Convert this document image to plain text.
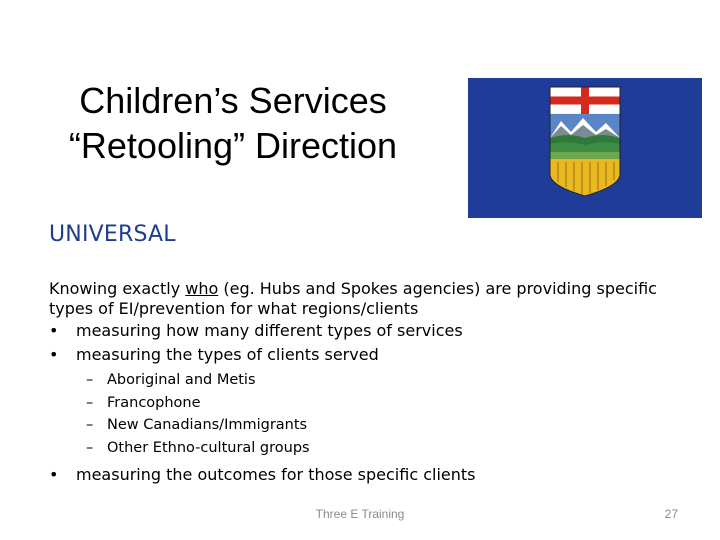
Children’s Services
“Retooling” Direction
UNIVERSAL

Knowing exactly who (eg. Hubs and Spokes agencies) are providing specific types of EI/prevention for what regions/clients

• measuring how many different types of services

• measuring the types of clients served

– Aboriginal and Metis
– Francophone
– New Canadians/Immigrants
– Other Ethno-cultural groups

• measuring the outcomes for those specific clients

Three E Training	27
